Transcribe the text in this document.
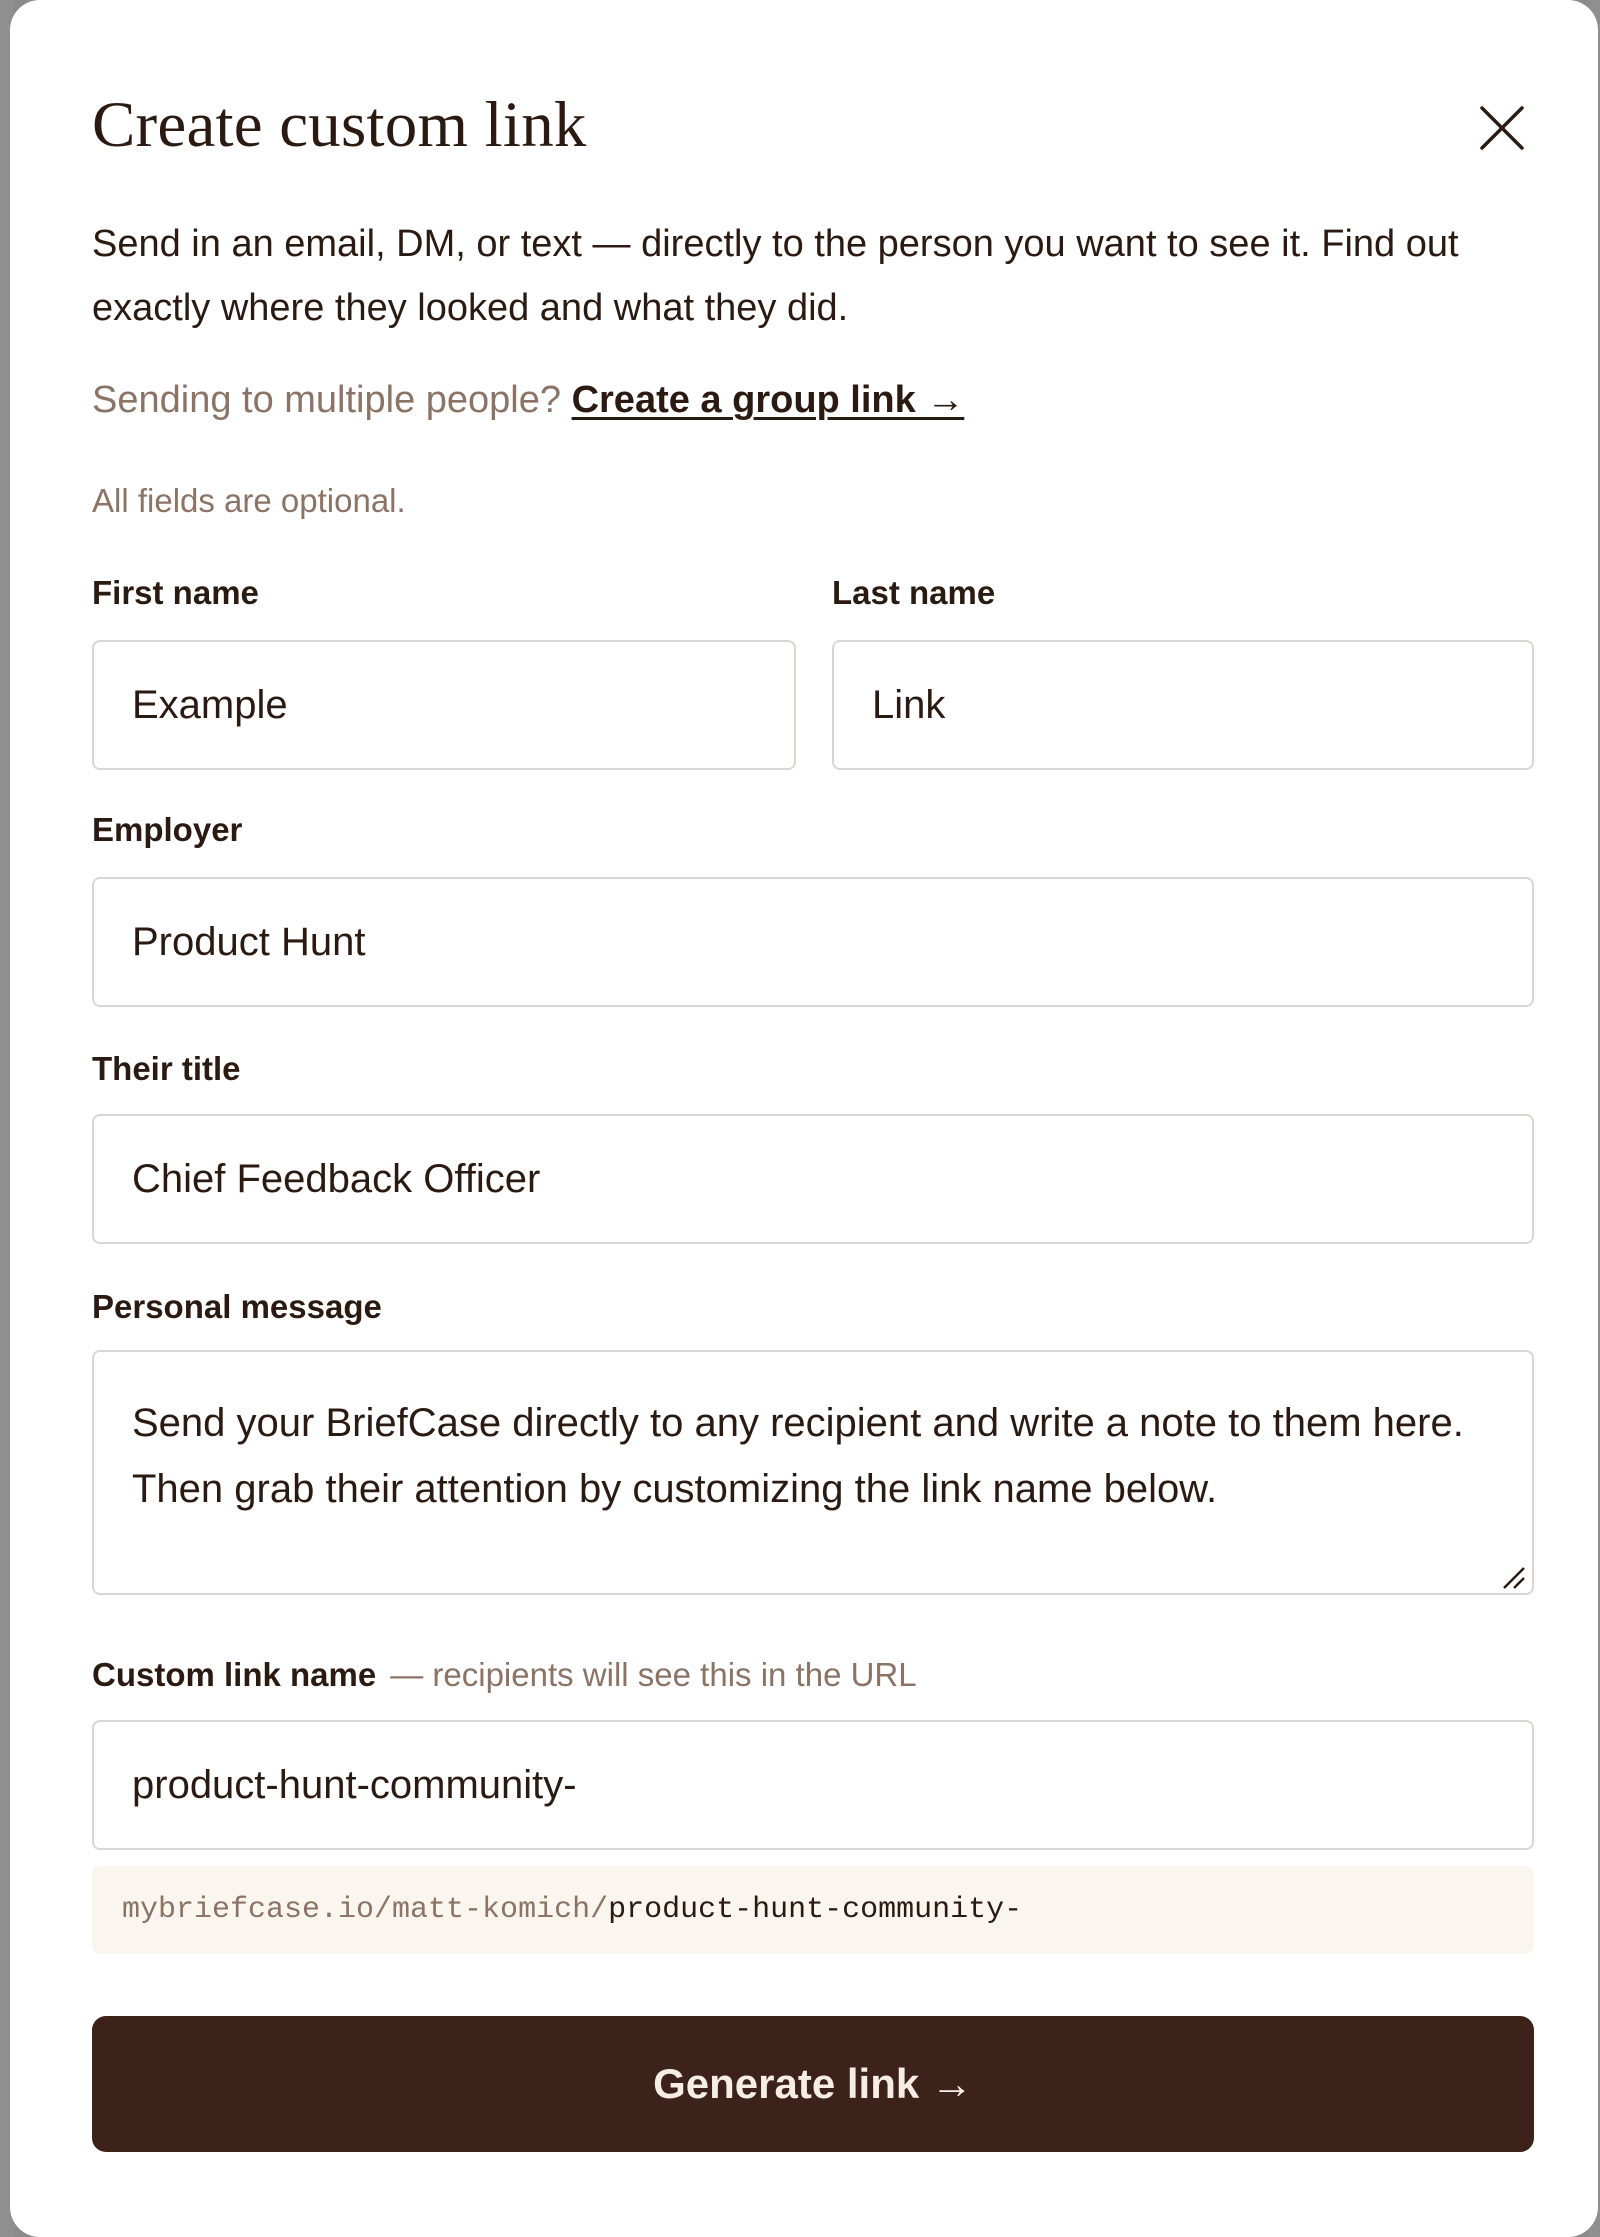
Create custom link

Send in an email, DM, or text — directly to the person you want to see it. Find out exactly where they looked and what they did.

Sending to multiple people? Create a group link →

All fields are optional.

First name
Example	Last name
Link
Employer
Product Hunt
Their title
Chief Feedback Officer
Personal message
Send your BriefCase directly to any recipient and write a note to them here. Then grab their attention by customizing the link name below.
Custom link name — recipients will see this in the URL
product-hunt-community-
mybriefcase.io/matt-komich/product-hunt-community-
Generate link →
